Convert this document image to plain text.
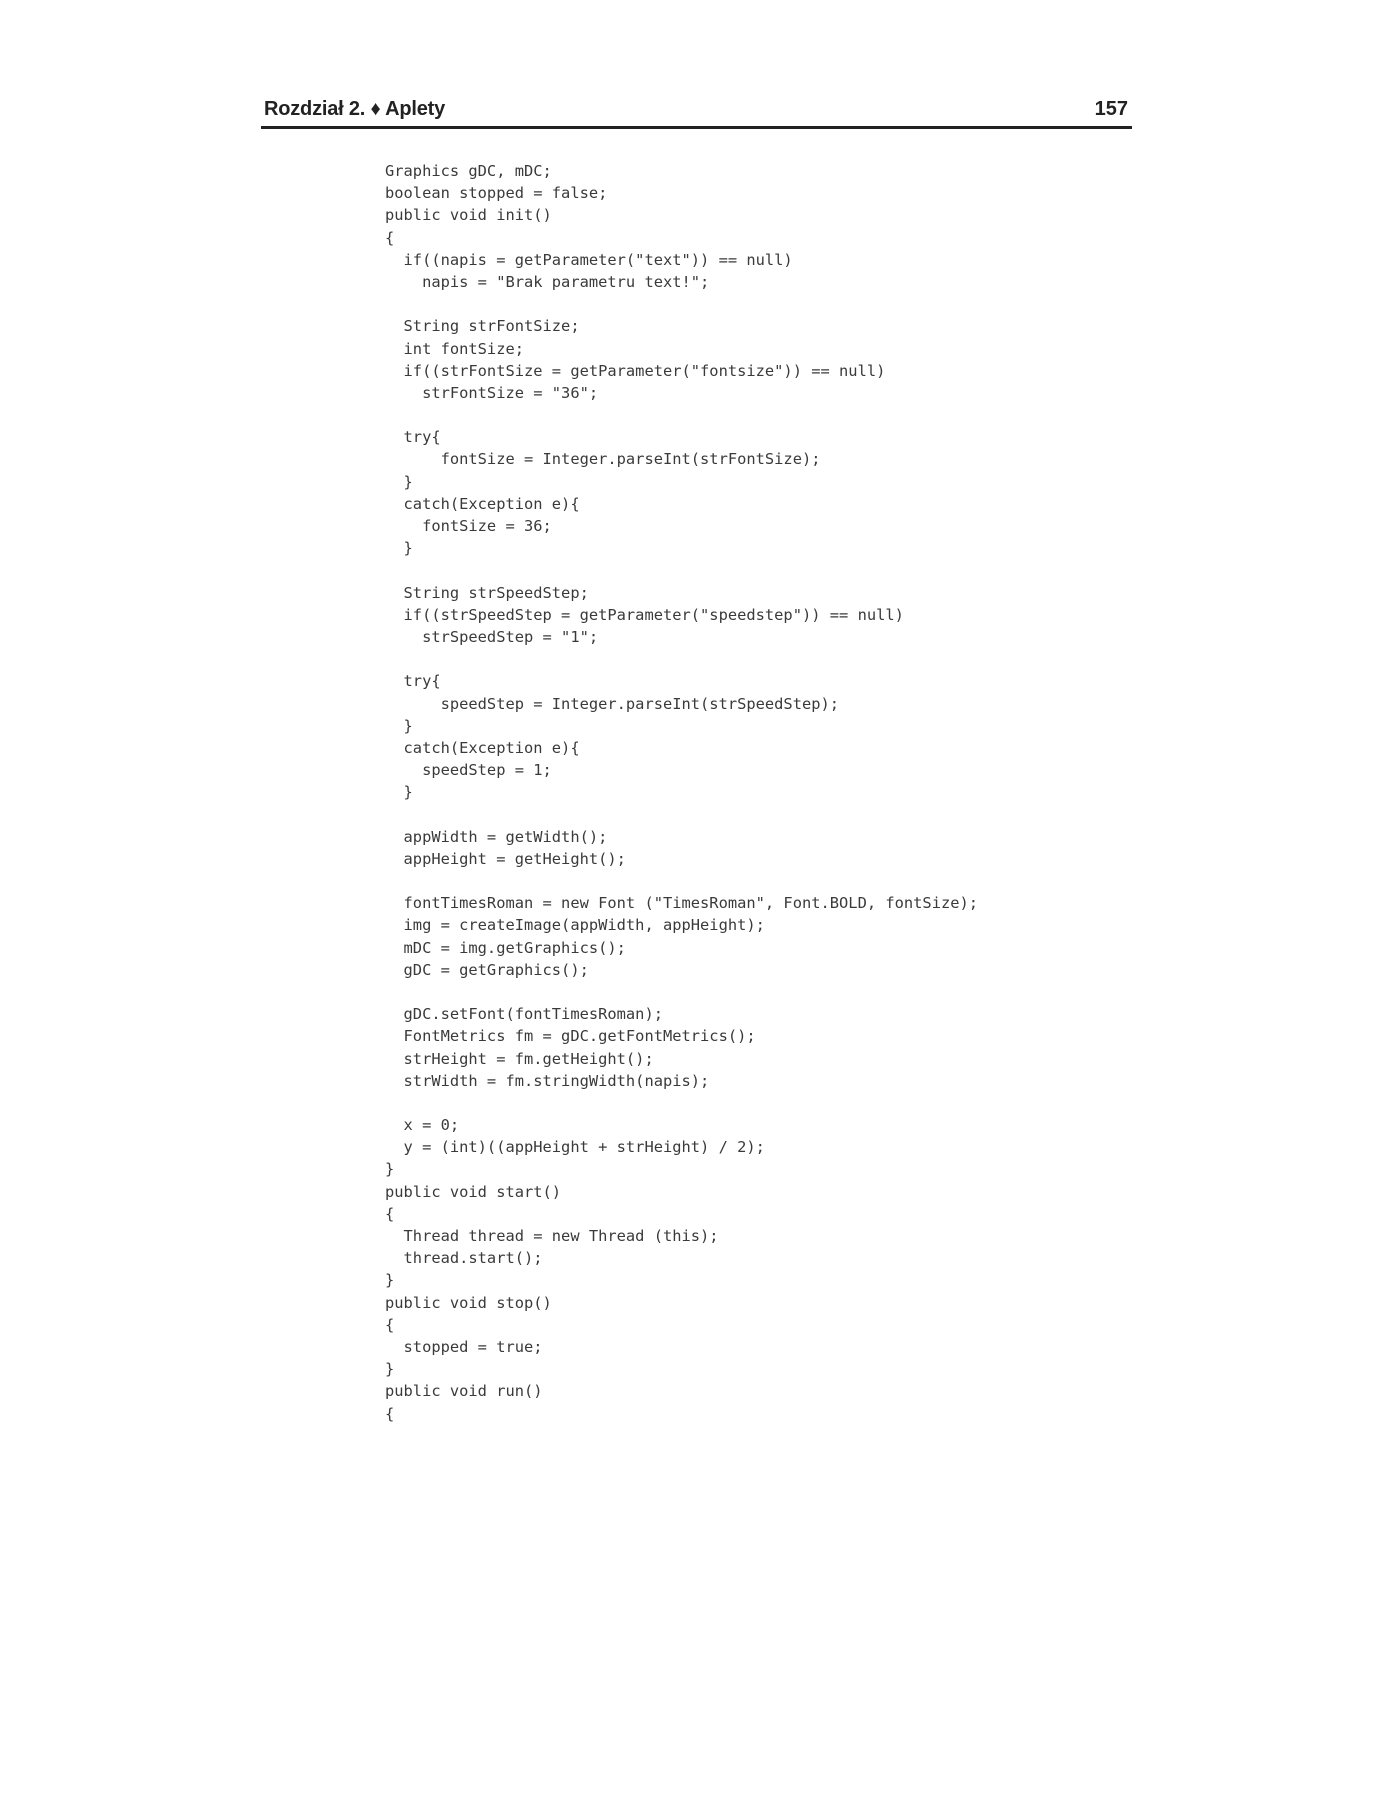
Rozdział 2. ♦ Aplety	157
Graphics gDC, mDC;
boolean stopped = false;
public void init()
{
if((napis = getParameter("text")) == null)
napis = "Brak parametru text!";
String strFontSize;
int fontSize;
if((strFontSize = getParameter("fontsize")) == null)
strFontSize = "36";
try{
fontSize = Integer.parseInt(strFontSize);
}
catch(Exception e){
fontSize = 36;
}
String strSpeedStep;
if((strSpeedStep = getParameter("speedstep")) == null)
strSpeedStep = "1";
try{
speedStep = Integer.parseInt(strSpeedStep);
}
catch(Exception e){
speedStep = 1;
}
appWidth = getWidth();
appHeight = getHeight();
fontTimesRoman = new Font ("TimesRoman", Font.BOLD, fontSize);
img = createImage(appWidth, appHeight);
mDC = img.getGraphics();
gDC = getGraphics();
gDC.setFont(fontTimesRoman);
FontMetrics fm = gDC.getFontMetrics();
strHeight = fm.getHeight();
strWidth = fm.stringWidth(napis);
x = 0;
y = (int)((appHeight + strHeight) / 2);
}
public void start()
{
Thread thread = new Thread (this);
thread.start();
}
public void stop()
{
stopped = true;
}
public void run()
{
